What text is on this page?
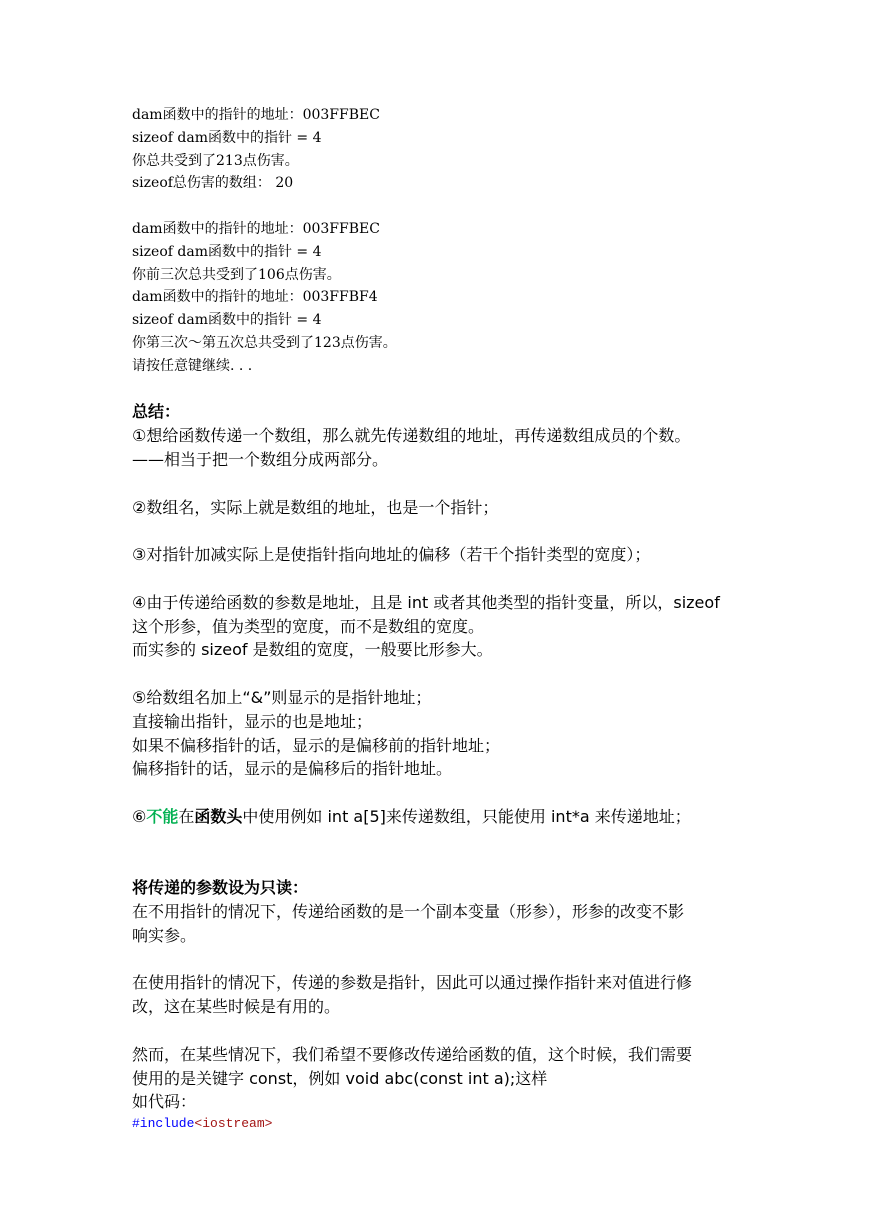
dam函数中的指针的地址：003FFBEC

sizeof dam函数中的指针 = 4

你总共受到了213点伤害。

sizeof总伤害的数组： 20

dam函数中的指针的地址：003FFBEC

sizeof dam函数中的指针 = 4

你前三次总共受到了106点伤害。

dam函数中的指针的地址：003FFBF4

sizeof dam函数中的指针 = 4

你第三次～第五次总共受到了123点伤害。

请按任意键继续. . .

总结：

①想给函数传递一个数组，那么就先传递数组的地址，再传递数组成员的个数。

——相当于把一个数组分成两部分。

②数组名，实际上就是数组的地址，也是一个指针；

③对指针加减实际上是使指针指向地址的偏移（若干个指针类型的宽度）；

④由于传递给函数的参数是地址，且是 int 或者其他类型的指针变量，所以，sizeof

这个形参，值为类型的宽度，而不是数组的宽度。

而实参的 sizeof 是数组的宽度，一般要比形参大。

⑤给数组名加上“&”则显示的是指针地址；

直接输出指针，显示的也是地址；

如果不偏移指针的话，显示的是偏移前的指针地址；

偏移指针的话，显示的是偏移后的指针地址。

⑥不能在函数头中使用例如 int a[5]来传递数组，只能使用 int*a 来传递地址；

将传递的参数设为只读：

在不用指针的情况下，传递给函数的是一个副本变量（形参），形参的改变不影

响实参。

在使用指针的情况下，传递的参数是指针，因此可以通过操作指针来对值进行修

改，这在某些时候是有用的。

然而，在某些情况下，我们希望不要修改传递给函数的值，这个时候，我们需要

使用的是关键字 const，例如 void abc(const int a);这样

如代码：

#include<iostream>
